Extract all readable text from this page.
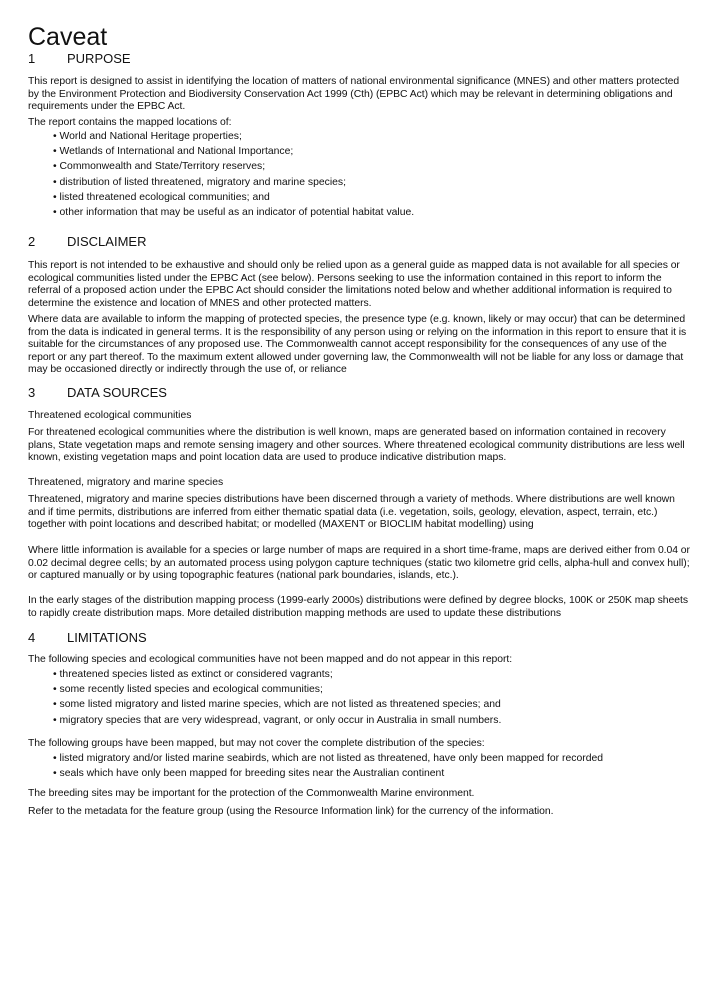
Caveat
1 PURPOSE

This report is designed to assist in identifying the location of matters of national environmental significance (MNES) and other matters protected by the Environment Protection and Biodiversity Conservation Act 1999 (Cth) (EPBC Act) which may be relevant in determining obligations and requirements under the EPBC Act.

The report contains the mapped locations of:

• World and National Heritage properties;
• Wetlands of International and National Importance;
• Commonwealth and State/Territory reserves;
• distribution of listed threatened, migratory and marine species;
• listed threatened ecological communities; and
• other information that may be useful as an indicator of potential habitat value.
2 DISCLAIMER

This report is not intended to be exhaustive and should only be relied upon as a general guide as mapped data is not available for all species or ecological communities listed under the EPBC Act (see below). Persons seeking to use the information contained in this report to inform the referral of a proposed action under the EPBC Act should consider the limitations noted below and whether additional information is required to determine the existence and location of MNES and other protected matters.

Where data are available to inform the mapping of protected species, the presence type (e.g. known, likely or may occur) that can be determined from the data is indicated in general terms. It is the responsibility of any person using or relying on the information in this report to ensure that it is suitable for the circumstances of any proposed use. The Commonwealth cannot accept responsibility for the consequences of any use of the report or any part thereof. To the maximum extent allowed under governing law, the Commonwealth will not be liable for any loss or damage that may be occasioned directly or indirectly through the use of, or reliance

3 DATA SOURCES
Threatened ecological communities

For threatened ecological communities where the distribution is well known, maps are generated based on information contained in recovery plans, State vegetation maps and remote sensing imagery and other sources. Where threatened ecological community distributions are less well known, existing vegetation maps and point location data are used to produce indicative distribution maps.

Threatened, migratory and marine species

Threatened, migratory and marine species distributions have been discerned through a variety of methods. Where distributions are well known and if time permits, distributions are inferred from either thematic spatial data (i.e. vegetation, soils, geology, elevation, aspect, terrain, etc.) together with point locations and described habitat; or modelled (MAXENT or BIOCLIM habitat modelling) using

Where little information is available for a species or large number of maps are required in a short time-frame, maps are derived either from 0.04 or 0.02 decimal degree cells; by an automated process using polygon capture techniques (static two kilometre grid cells, alpha-hull and convex hull); or captured manually or by using topographic features (national park boundaries, islands, etc.).

In the early stages of the distribution mapping process (1999-early 2000s) distributions were defined by degree blocks, 100K or 250K map sheets to rapidly create distribution maps. More detailed distribution mapping methods are used to update these distributions

4 LIMITATIONS

The following species and ecological communities have not been mapped and do not appear in this report:

• threatened species listed as extinct or considered vagrants;
• some recently listed species and ecological communities;
• some listed migratory and listed marine species, which are not listed as threatened species; and
• migratory species that are very widespread, vagrant, or only occur in Australia in small numbers.

The following groups have been mapped, but may not cover the complete distribution of the species:

• listed migratory and/or listed marine seabirds, which are not listed as threatened, have only been mapped for recorded
• seals which have only been mapped for breeding sites near the Australian continent

The breeding sites may be important for the protection of the Commonwealth Marine environment.

Refer to the metadata for the feature group (using the Resource Information link) for the currency of the information.
